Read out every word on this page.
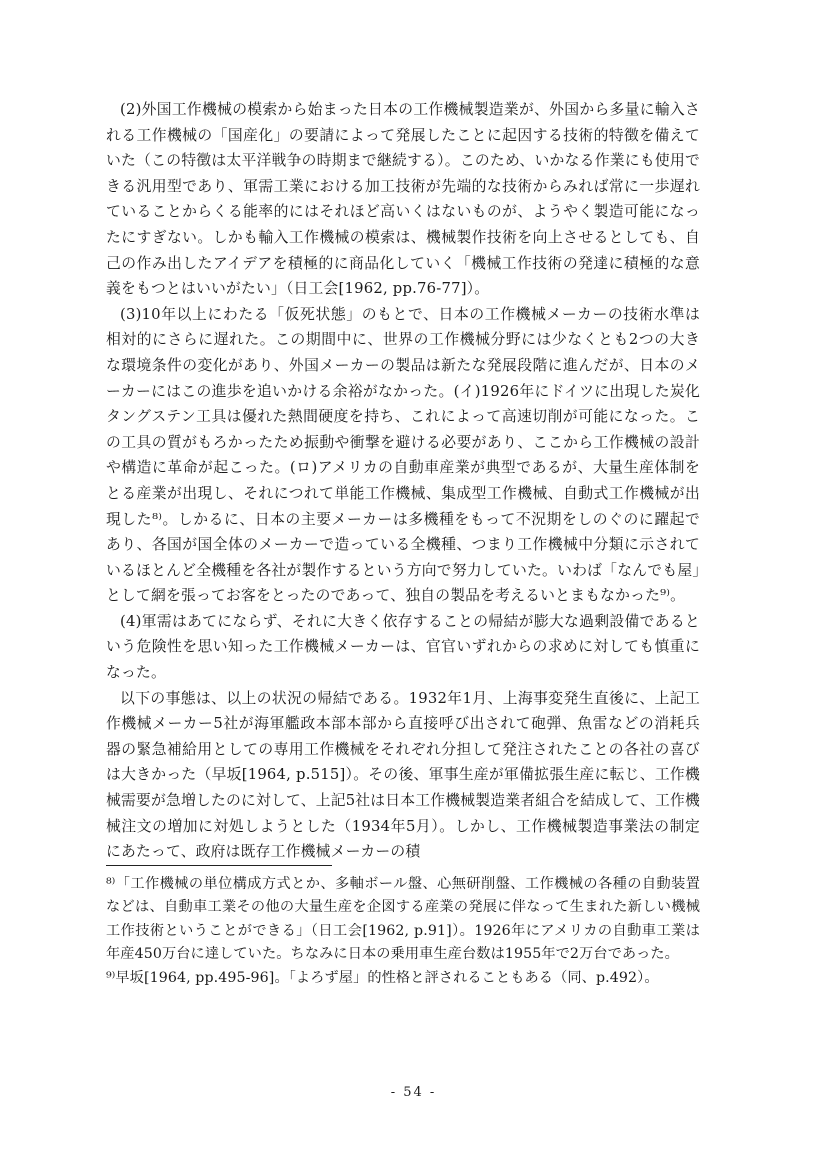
(2)外国工作機械の模索から始まった日本の工作機械製造業が、外国から多量に輸入される工作機械の「国産化」の要請によって発展したことに起因する技術的特徴を備えていた（この特徴は太平洋戦争の時期まで継続する）。このため、いかなる作業にも使用できる汎用型であり、軍需工業における加工技術が先端的な技術からみれば常に一歩遅れていることからくる能率的にはそれほど高いくはないものが、ようやく製造可能になったにすぎない。しかも輸入工作機械の模索は、機械製作技術を向上させるとしても、自己の作み出したアイデアを積極的に商品化していく「機械工作技術の発達に積極的な意義をもつとはいいがたい」（日工会[1962, pp.76-77]）。

(3)10年以上にわたる「仮死状態」のもとで、日本の工作機械メーカーの技術水準は相対的にさらに遅れた。この期間中に、世界の工作機械分野には少なくとも2つの大きな環境条件の変化があり、外国メーカーの製品は新たな発展段階に進んだが、日本のメーカーにはこの進歩を追いかける余裕がなかった。(イ)1926年にドイツに出現した炭化タングステン工具は優れた熱間硬度を持ち、これによって高速切削が可能になった。この工具の質がもろかったため振動や衝撃を避ける必要があり、ここから工作機械の設計や構造に革命が起こった。(ロ)アメリカの自動車産業が典型であるが、大量生産体制をとる産業が出現し、それにつれて単能工作機械、集成型工作機械、自動式工作機械が出現した⁸⁾。しかるに、日本の主要メーカーは多機種をもって不況期をしのぐのに躍起であり、各国が国全体のメーカーで造っている全機種、つまり工作機械中分類に示されているほとんど全機種を各社が製作するという方向で努力していた。いわば「なんでも屋」として網を張ってお客をとったのであって、独自の製品を考えるいとまもなかった⁹⁾。

(4)軍需はあてにならず、それに大きく依存することの帰結が膨大な過剰設備であるという危険性を思い知った工作機械メーカーは、官官いずれからの求めに対しても慎重になった。

以下の事態は、以上の状況の帰結である。1932年1月、上海事変発生直後に、上記工作機械メーカー5社が海軍艦政本部本部から直接呼び出されて砲弾、魚雷などの消耗兵器の緊急補給用としての専用工作機械をそれぞれ分担して発注されたことの各社の喜びは大きかった（早坂[1964, p.515]）。その後、軍事生産が軍備拡張生産に転じ、工作機械需要が急増したのに対して、上記5社は日本工作機械製造業者組合を結成して、工作機械注文の増加に対処しようとした（1934年5月）。しかし、工作機械製造事業法の制定にあたって、政府は既存工作機械メーカーの積

⁸⁾「工作機械の単位構成方式とか、多軸ボール盤、心無研削盤、工作機械の各種の自動装置などは、自動車工業その他の大量生産を企図する産業の発展に伴なって生まれた新しい機械工作技術ということができる」（日工会[1962, p.91]）。1926年にアメリカの自動車工業は年産450万台に達していた。ちなみに日本の乗用車生産台数は1955年で2万台であった。

⁹⁾早坂[1964, pp.495-96]。「よろず屋」的性格と評されることもある（同、p.492）。

- 54 -
